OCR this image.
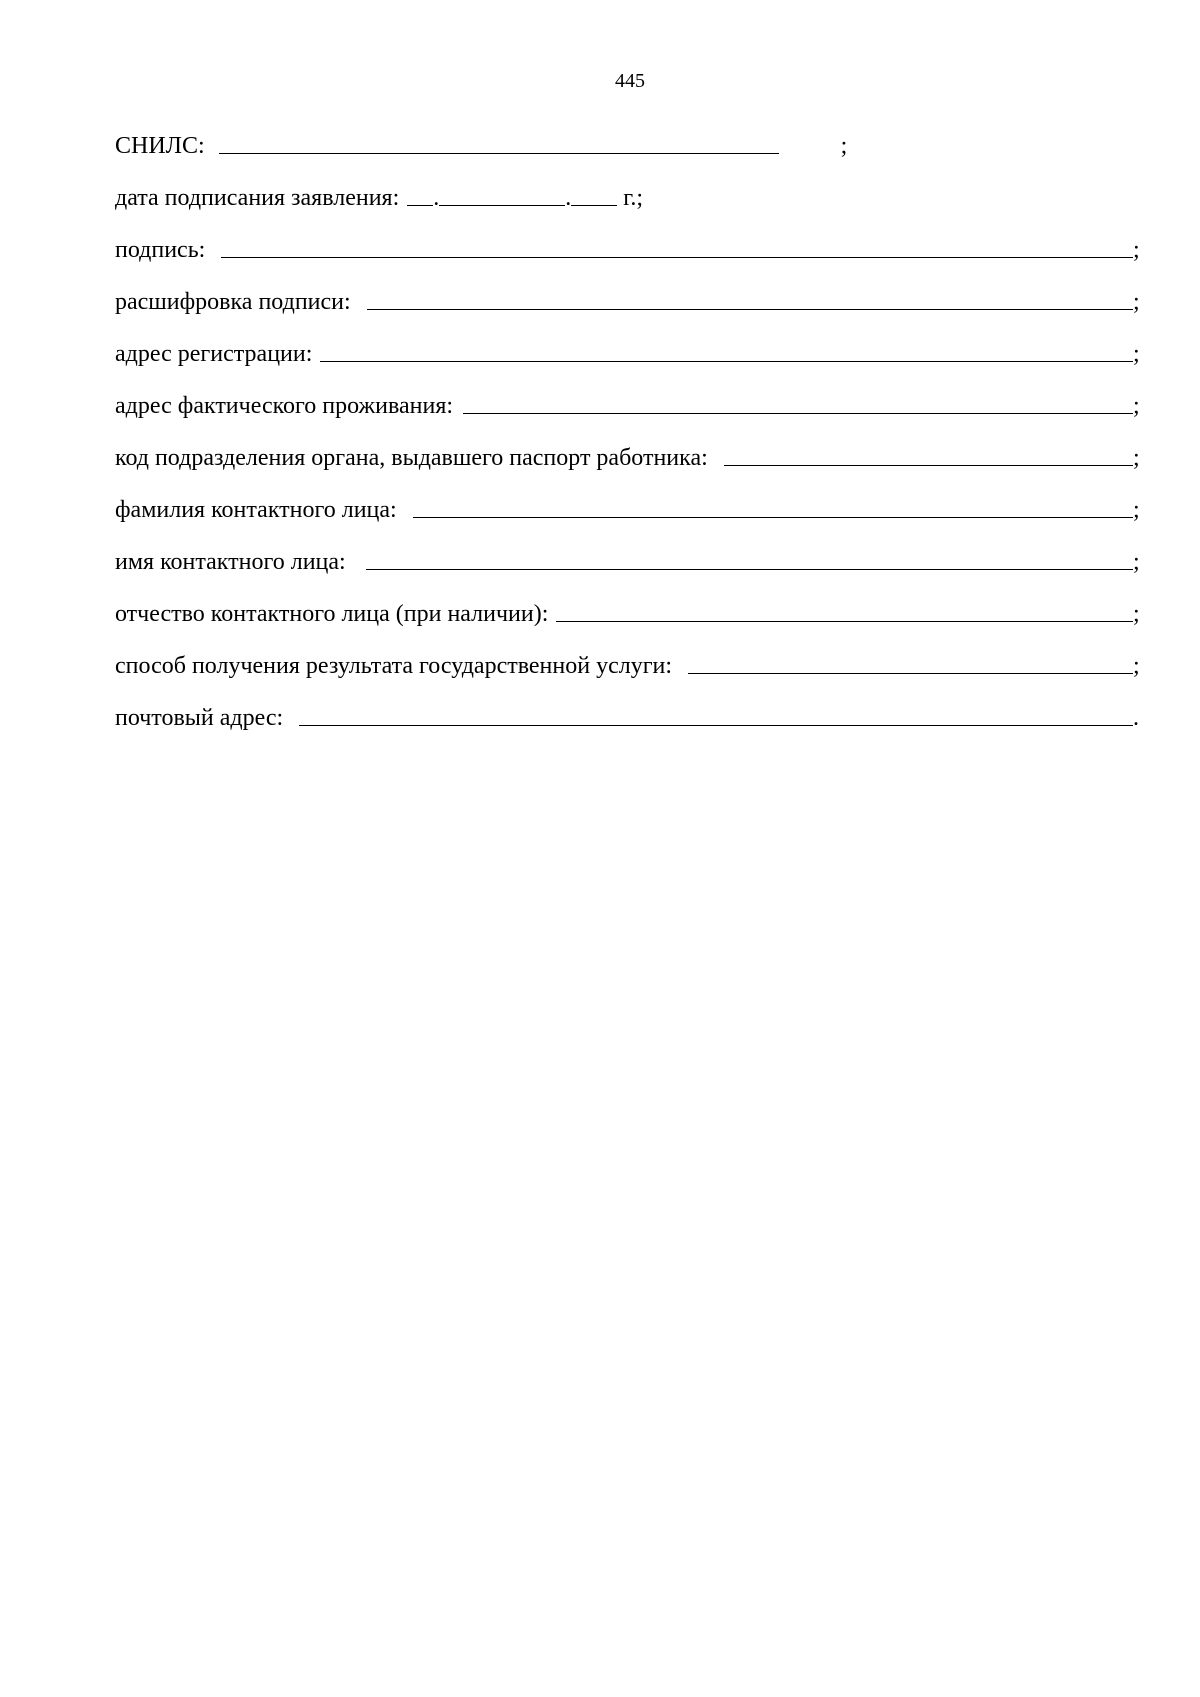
445
СНИЛС:	;
дата подписания заявления: .	. г.;
подпись:	;
расшифровка подписи:	;
адрес регистрации:	;
адрес фактического проживания:	;
код подразделения органа, выдавшего паспорт работника:	;
фамилия контактного лица:	;
имя контактного лица:	;
отчество контактного лица (при наличии):	;
способ получения результата государственной услуги:	;
почтовый адрес:	.
